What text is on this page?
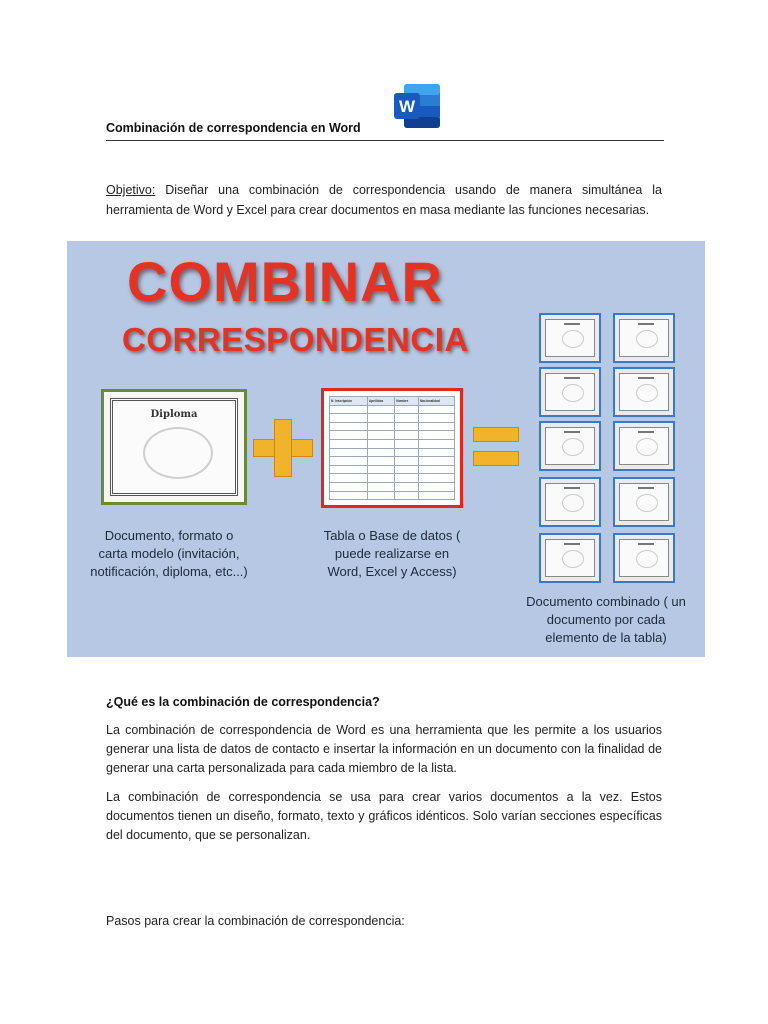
Combinación de correspondencia en Word
W

Objetivo: Diseñar una combinación de correspondencia usando de manera simultánea la herramienta de Word y Excel para crear documentos en masa mediante las funciones necesarias.

COMBINAR
CORRESPONDENCIA
Diploma
N. Inscripción	Apellidos	Nombre	Nacionalidad

Documento, formato o carta modelo (invitación, notificación, diploma, etc...)
Tabla o Base de datos ( puede realizarse en Word, Excel y Access)
Documento combinado ( un documento por cada elemento de la tabla)
¿Qué es la combinación de correspondencia?

La combinación de correspondencia de Word es una herramienta que les permite a los usuarios generar una lista de datos de contacto e insertar la información en un documento con la finalidad de generar una carta personalizada para cada miembro de la lista.

La combinación de correspondencia se usa para crear varios documentos a la vez. Estos documentos tienen un diseño, formato, texto y gráficos idénticos. Solo varían secciones específicas del documento, que se personalizan.

Pasos para crear la combinación de correspondencia:
